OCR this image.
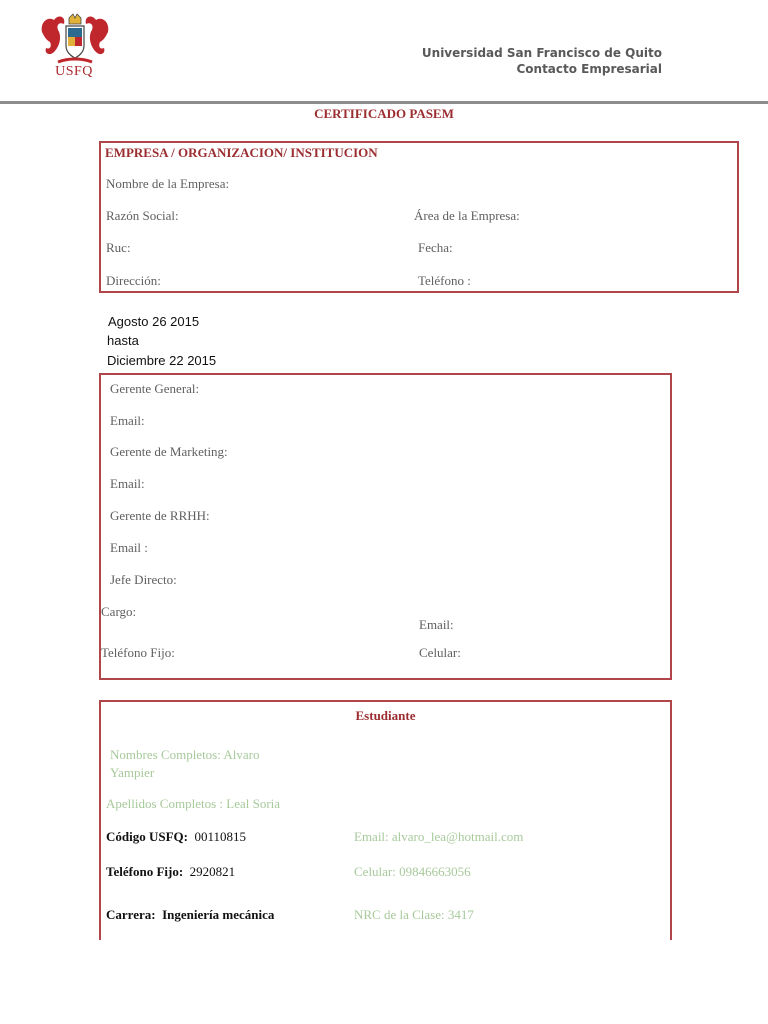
USFQ
Universidad San Francisco de Quito
Contacto Empresarial
CERTIFICADO PASEM
EMPRESA / ORGANIZACION/ INSTITUCION
Nombre de la Empresa:
Razón Social:	Área de la Empresa:
Ruc:	Fecha:
Dirección:	Teléfono :
Agosto 26 2015
hasta
Diciembre 22 2015
Gerente General:
Email:
Gerente de Marketing:
Email:
Gerente de RRHH:
Email :
Jefe Directo:
Cargo:
Email:
Teléfono Fijo:	Celular:
Estudiante
Nombres Completos: Alvaro
Yampier
Apellidos Completos : Leal Soria
Código USFQ: 00110815	Email: alvaro_lea@hotmail.com
Teléfono Fijo: 2920821	Celular: 09846663056
Carrera: Ingeniería mecánica	NRC de la Clase: 3417
